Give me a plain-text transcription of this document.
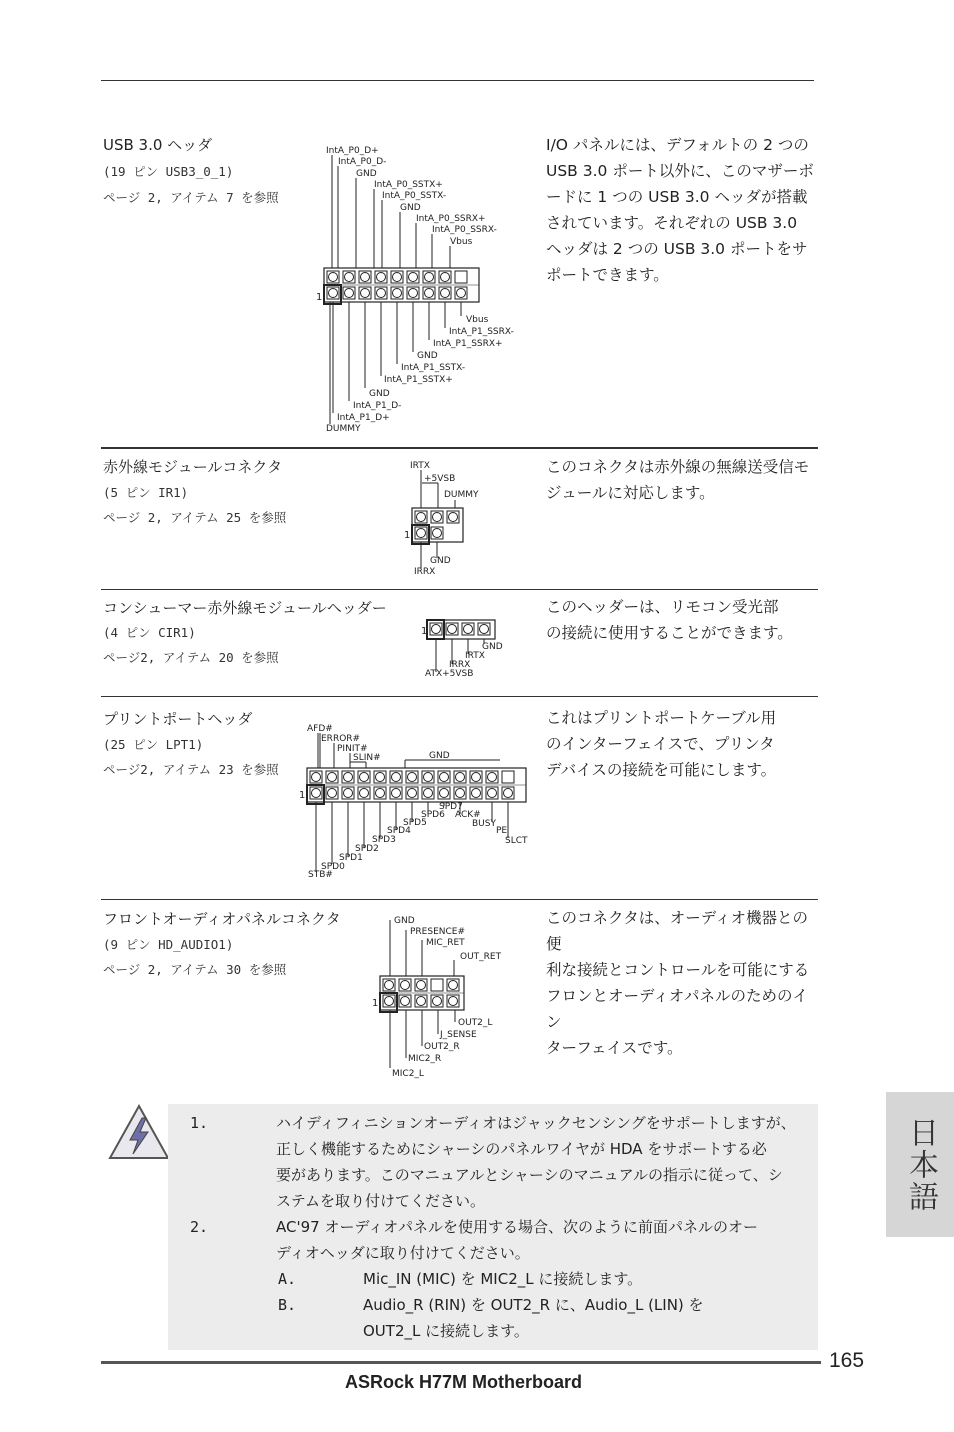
USB 3.0 ヘッダ
(19 ピン USB3_0_1)
ページ 2, アイテム 7 を参照
I/O パネルには、デフォルトの 2 つの
USB 3.0 ポート以外に、このマザーボ
ードに 1 つの USB 3.0 ヘッダが搭載
されています。それぞれの USB 3.0
ヘッダは 2 つの USB 3.0 ポートをサ
ポートできます。
IntA_P0_D+
IntA_P0_D-
GND
IntA_P0_SSTX+
IntA_P0_SSTX-
GND
IntA_P0_SSRX+
IntA_P0_SSRX-
Vbus
1
Vbus
IntA_P1_SSRX-
IntA_P1_SSRX+
GND
IntA_P1_SSTX-
IntA_P1_SSTX+
GND
IntA_P1_D-
IntA_P1_D+
DUMMY
赤外線モジュールコネクタ
(5 ピン IR1)
ページ 2, アイテム 25 を参照
このコネクタは赤外線の無線送受信モ
ジュールに対応します。
IRTX
+5VSB
DUMMY
1
GND
IRRX
コンシューマー赤外線モジュールヘッダー
(4 ピン CIR1)
ページ2, アイテム 20 を参照
このヘッダーは、リモコン受光部
の接続に使用することができます。
1
GND
IRTX
IRRX
ATX+5VSB
プリントポートヘッダ
(25 ピン LPT1)
ページ2, アイテム 23 を参照
これはプリントポートケーブル用
のインターフェイスで、プリンタ
デバイスの接続を可能にします。
AFD#
ERROR#
PINIT#
SLIN#	GND
1
SPD7
SPD6 ACK#
SPD5	BUSY
SPD4	PE
SPD3	SLCT
SPD2
SPD1
SPD0
STB#
フロントオーディオパネルコネクタ
(9 ピン HD_AUDIO1)
ページ 2, アイテム 30 を参照
このコネクタは、オーディオ機器との便
利な接続とコントロールを可能にする
フロンとオーディオパネルのためのイン
ターフェイスです。
GND
PRESENCE#
MIC_RET
OUT_RET
1
OUT2_L
J_SENSE
OUT2_R
MIC2_R
MIC2_L
1.	ハイディフィニションオーディオはジャックセンシングをサポートしますが、
正しく機能するためにシャーシのパネルワイヤが HDA をサポートする必
要があります。このマニュアルとシャーシのマニュアルの指示に従って、シ
ステムを取り付けてください。
2.	AC'97 オーディオパネルを使用する場合、次のように前面パネルのオー
ディオヘッダに取り付けてください。
A.	Mic_IN (MIC) を MIC2_L に接続します。
B.	Audio_R (RIN) を OUT2_R に、Audio_L (LIN) を
OUT2_L に接続します。
日本語
165
ASRock H77M Motherboard
